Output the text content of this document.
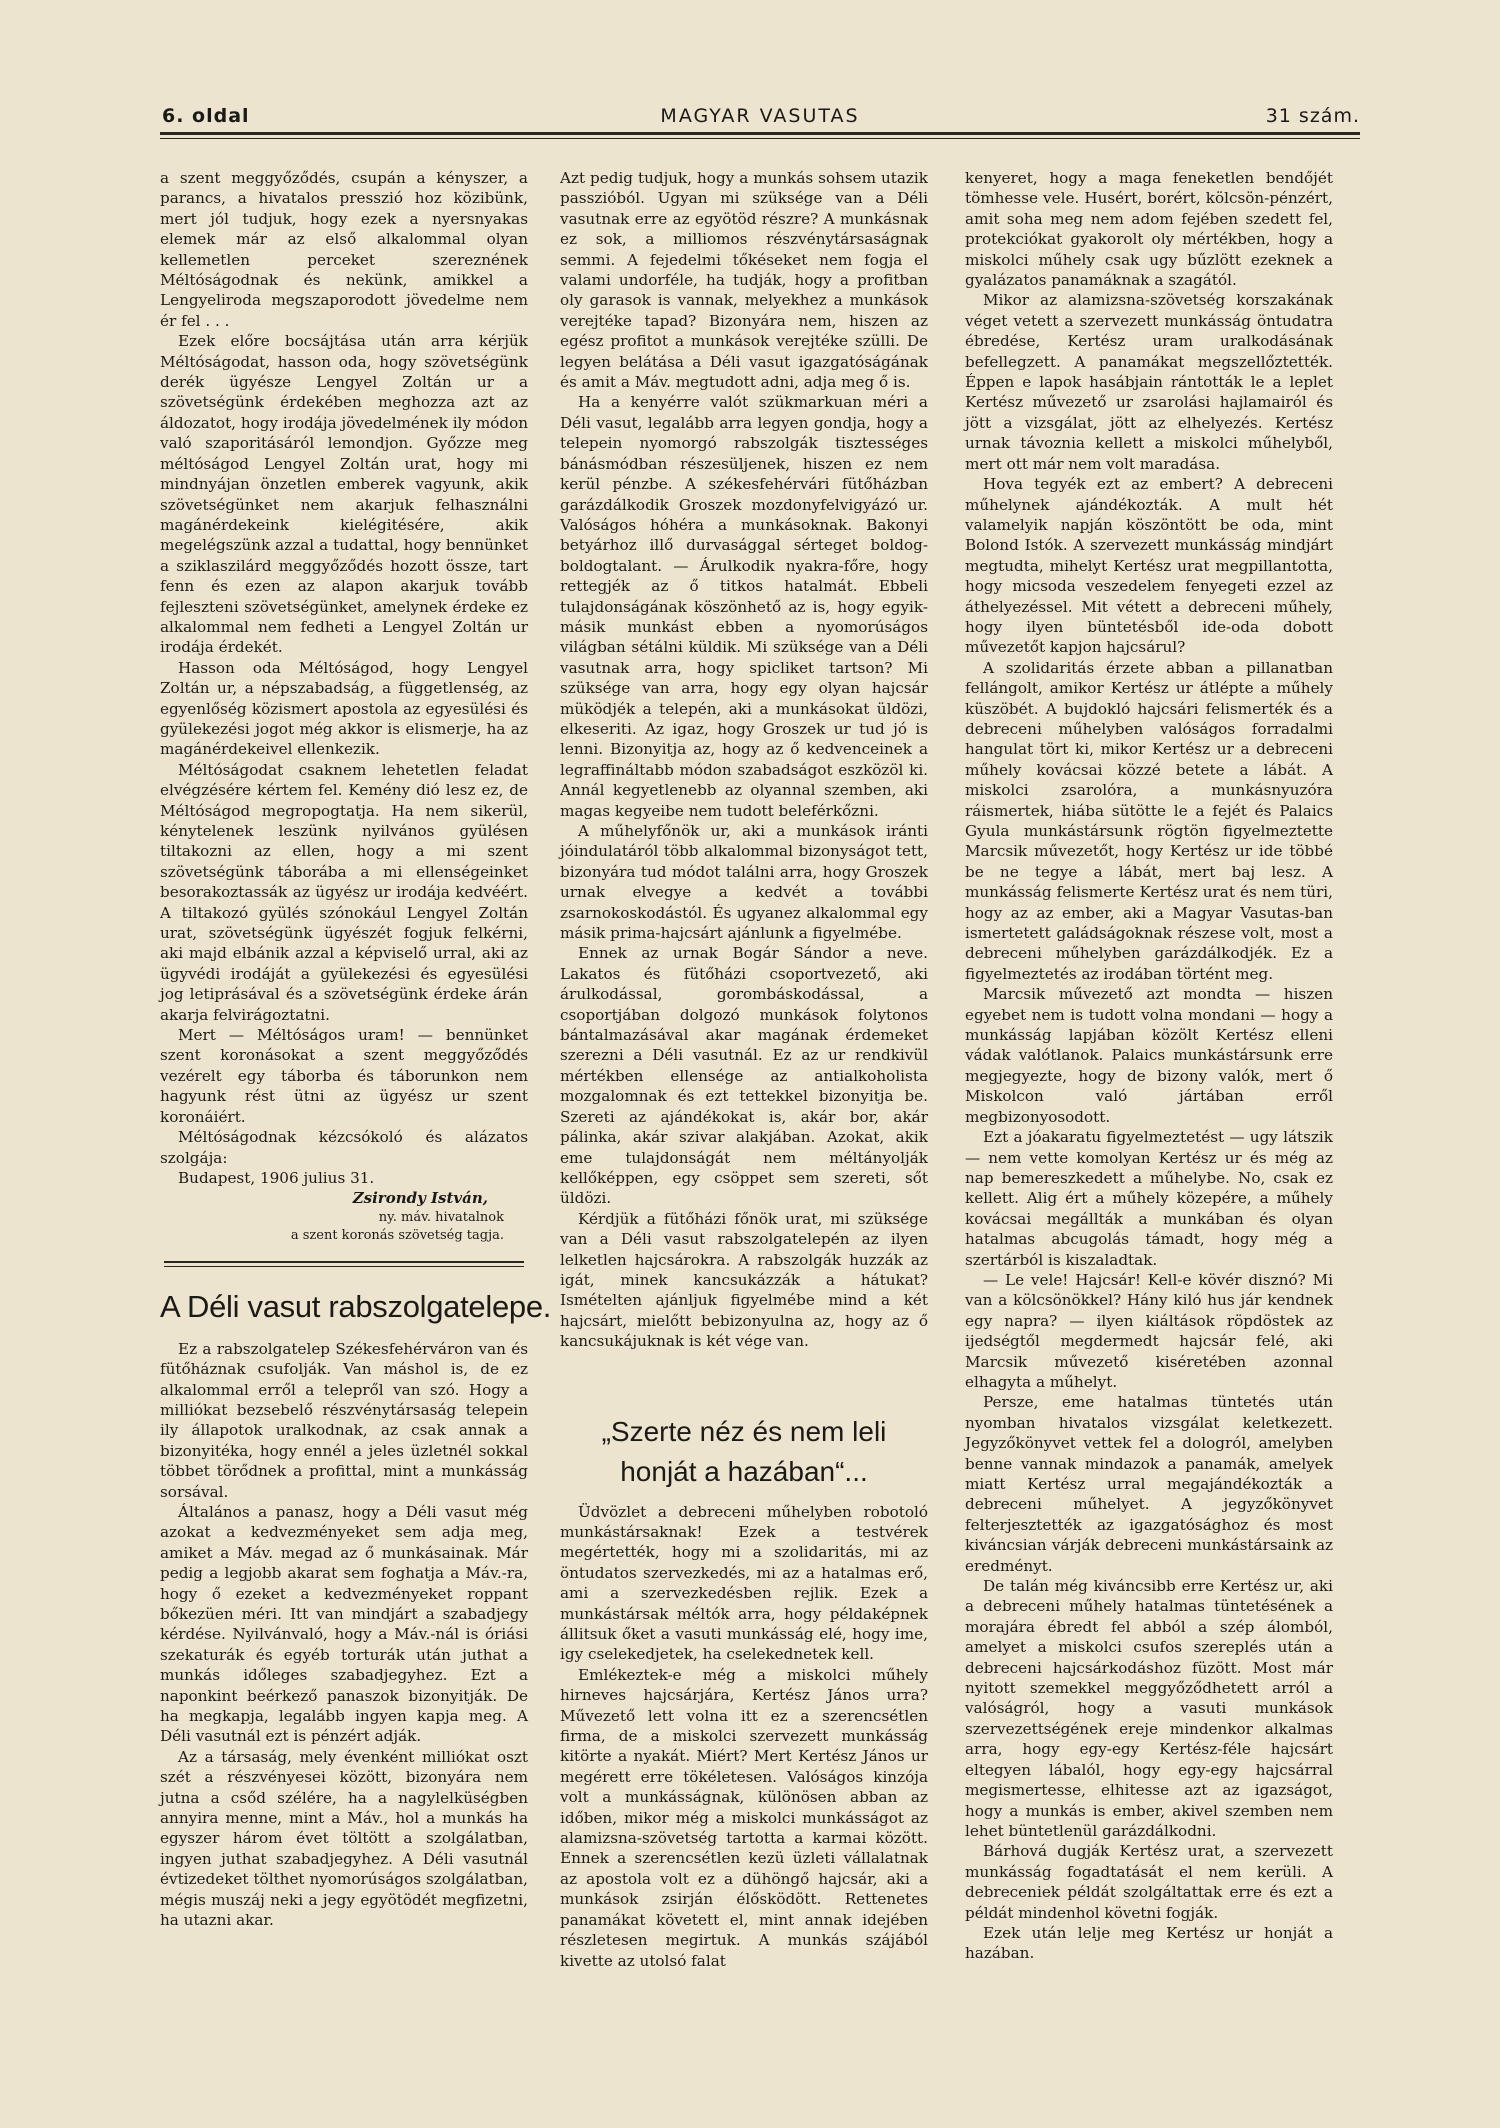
6. oldal	MAGYAR VASUTAS	31 szám.

a szent meggyőződés, csupán a kényszer, a parancs, a hivatalos presszió hoz közibünk, mert jól tudjuk, hogy ezek a nyersnyakas elemek már az első alkalommal olyan kellemetlen perceket szereznének Méltóságodnak és nekünk, amikkel a Lengyeliroda megszaporodott jövedelme nem ér fel . . .

Ezek előre bocsájtása után arra kérjük Méltóságodat, hasson oda, hogy szövetségünk derék ügyésze Lengyel Zoltán ur a szövetségünk érdekében meghozza azt az áldozatot, hogy irodája jövedelmének ily módon való szaporitásáról lemondjon. Győzze meg méltóságod Lengyel Zoltán urat, hogy mi mindnyájan önzetlen emberek vagyunk, akik szövetségünket nem akarjuk felhasználni magánérdekeink kielégitésére, akik megelégszünk azzal a tudattal, hogy bennünket a sziklaszilárd meggyőződés hozott össze, tart fenn és ezen az alapon akarjuk tovább fejleszteni szövetségünket, amelynek érdeke ez alkalommal nem fedheti a Lengyel Zoltán ur irodája érdekét.

Hasson oda Méltóságod, hogy Lengyel Zoltán ur, a népszabadság, a függetlenség, az egyenlőség közismert apostola az egyesülési és gyülekezési jogot még akkor is elismerje, ha az magánérdekeivel ellenkezik.

Méltóságodat csaknem lehetetlen feladat elvégzésére kértem fel. Kemény dió lesz ez, de Méltóságod megropogtatja. Ha nem sikerül, kénytelenek leszünk nyilvános gyülésen tiltakozni az ellen, hogy a mi szent szövetségünk táborába a mi ellenségeinket besorakoztassák az ügyész ur irodája kedvéért. A tiltakozó gyülés szónokául Lengyel Zoltán urat, szövetségünk ügyészét fogjuk felkérni, aki majd elbánik azzal a képviselő urral, aki az ügyvédi irodáját a gyülekezési és egyesülési jog letiprásával és a szövetségünk érdeke árán akarja felvirágoztatni.

Mert — Méltóságos uram! — bennünket szent koronásokat a szent meggyőződés vezérelt egy táborba és táborunkon nem hagyunk rést ütni az ügyész ur szent koronáiért.

Méltóságodnak kézcsókoló és alázatos szolgája:

Budapest, 1906 julius 31.

Zsirondy István,
ny. máv. hivatalnok
a szent koronás szövetség tagja.
A Déli vasut rabszolgatelepe.

Ez a rabszolgatelep Székesfehérváron van és fütőháznak csufolják. Van máshol is, de ez alkalommal erről a telepről van szó. Hogy a milliókat bezsebelő részvénytársaság telepein ily állapotok uralkodnak, az csak annak a bizonyitéka, hogy ennél a jeles üzletnél sokkal többet törődnek a profittal, mint a munkásság sorsával.

Általános a panasz, hogy a Déli vasut még azokat a kedvezményeket sem adja meg, amiket a Máv. megad az ő munkásainak. Már pedig a legjobb akarat sem foghatja a Máv.-ra, hogy ő ezeket a kedvezményeket roppant bőkezüen méri. Itt van mindjárt a szabadjegy kérdése. Nyilvánvaló, hogy a Máv.-nál is óriási szekaturák és egyéb torturák után juthat a munkás időleges szabadjegyhez. Ezt a naponkint beérkező panaszok bizonyitják. De ha megkapja, legalább ingyen kapja meg. A Déli vasutnál ezt is pénzért adják.

Az a társaság, mely évenként milliókat oszt szét a részvényesei között, bizonyára nem jutna a csőd szélére, ha a nagylelküségben annyira menne, mint a Máv., hol a munkás ha egyszer három évet töltött a szolgálatban, ingyen juthat szabadjegyhez. A Déli vasutnál évtizedeket tölthet nyomorúságos szolgálatban, mégis muszáj neki a jegy egyötödét megfizetni, ha utazni akar.

Azt pedig tudjuk, hogy a munkás sohsem utazik passzióból. Ugyan mi szüksége van a Déli vasutnak erre az egyötöd részre? A munkásnak ez sok, a milliomos részvénytársaságnak semmi. A fejedelmi tőkéseket nem fogja el valami undorféle, ha tudják, hogy a profitban oly garasok is vannak, melyekhez a munkások verejtéke tapad? Bizonyára nem, hiszen az egész profitot a munkások verejtéke szülli. De legyen belátása a Déli vasut igazgatóságának és amit a Máv. megtudott adni, adja meg ő is.

Ha a kenyérre valót szükmarkuan méri a Déli vasut, legalább arra legyen gondja, hogy a telepein nyomorgó rabszolgák tisztességes bánásmódban részesüljenek, hiszen ez nem kerül pénzbe. A székesfehérvári fütőházban garázdálkodik Groszek mozdonyfelvigyázó ur. Valóságos hóhéra a munkásoknak. Bakonyi betyárhoz illő durvasággal sérteget boldog-boldogtalant. — Árulkodik nyakra-főre, hogy rettegjék az ő titkos hatalmát. Ebbeli tulajdonságának köszönhető az is, hogy egyik-másik munkást ebben a nyomorúságos világban sétálni küldik. Mi szüksége van a Déli vasutnak arra, hogy spicliket tartson? Mi szüksége van arra, hogy egy olyan hajcsár müködjék a telepén, aki a munkásokat üldözi, elkeseriti. Az igaz, hogy Groszek ur tud jó is lenni. Bizonyitja az, hogy az ő kedvenceinek a legraffináltabb módon szabadságot eszközöl ki. Annál kegyetlenebb az olyannal szemben, aki magas kegyeibe nem tudott beleférkőzni.

A műhelyfőnök ur, aki a munkások iránti jóindulatáról több alkalommal bizonyságot tett, bizonyára tud módot találni arra, hogy Groszek urnak elvegye a kedvét a további zsarnokoskodástól. És ugyanez alkalommal egy másik prima-hajcsárt ajánlunk a figyelmébe.

Ennek az urnak Bogár Sándor a neve. Lakatos és fütőházi csoportvezető, aki árulkodással, gorombáskodással, a csoportjában dolgozó munkások folytonos bántalmazásával akar magának érdemeket szerezni a Déli vasutnál. Ez az ur rendkivül mértékben ellensége az antialkoholista mozgalomnak és ezt tettekkel bizonyitja be. Szereti az ajándékokat is, akár bor, akár pálinka, akár szivar alakjában. Azokat, akik eme tulajdonságát nem méltányolják kellőképpen, egy csöppet sem szereti, sőt üldözi.

Kérdjük a fütőházi főnök urat, mi szüksége van a Déli vasut rabszolgatelepén az ilyen lelketlen hajcsárokra. A rabszolgák huzzák az igát, minek kancsukázzák a hátukat? Ismételten ajánljuk figyelmébe mind a két hajcsárt, mielőtt bebizonyulna az, hogy az ő kancsukájuknak is két vége van.

„Szerte néz és nem leli honját a hazában“...

Üdvözlet a debreceni műhelyben robotoló munkástársaknak! Ezek a testvérek megértették, hogy mi a szolidaritás, mi az öntudatos szervezkedés, mi az a hatalmas erő, ami a szervezkedésben rejlik. Ezek a munkástársak méltók arra, hogy példaképnek állitsuk őket a vasuti munkásság elé, hogy ime, igy cselekedjetek, ha cselekednetek kell.

Emlékeztek-e még a miskolci műhely hirneves hajcsárjára, Kertész János urra? Művezető lett volna itt ez a szerencsétlen firma, de a miskolci szervezett munkásság kitörte a nyakát. Miért? Mert Kertész János ur megérett erre tökéletesen. Valóságos kinzója volt a munkásságnak, különösen abban az időben, mikor még a miskolci munkásságot az alamizsna-szövetség tartotta a karmai között. Ennek a szerencsétlen kezü üzleti vállalatnak az apostola volt ez a dühöngő hajcsár, aki a munkások zsirján élősködött. Rettenetes panamákat követett el, mint annak idejében részletesen megirtuk. A munkás szájából kivette az utolsó falat

kenyeret, hogy a maga feneketlen bendőjét tömhesse vele. Husért, borért, kölcsön-pénzért, amit soha meg nem adom fejében szedett fel, protekciókat gyakorolt oly mértékben, hogy a miskolci műhely csak ugy bűzlött ezeknek a gyalázatos panamáknak a szagától.

Mikor az alamizsna-szövetség korszakának véget vetett a szervezett munkásság öntudatra ébredése, Kertész uram uralkodásának befellegzett. A panamákat megszellőztették. Éppen e lapok hasábjain rántották le a leplet Kertész művezető ur zsarolási hajlamairól és jött a vizsgálat, jött az elhelyezés. Kertész urnak távoznia kellett a miskolci műhelyből, mert ott már nem volt maradása.

Hova tegyék ezt az embert? A debreceni műhelynek ajándékozták. A mult hét valamelyik napján köszöntött be oda, mint Bolond Istók. A szervezett munkásság mindjárt megtudta, mihelyt Kertész urat megpillantotta, hogy micsoda veszedelem fenyegeti ezzel az áthelyezéssel. Mit vétett a debreceni műhely, hogy ilyen büntetésből ide-oda dobott művezetőt kapjon hajcsárul?

A szolidaritás érzete abban a pillanatban fellángolt, amikor Kertész ur átlépte a műhely küszöbét. A bujdokló hajcsári felismerték és a debreceni műhelyben valóságos forradalmi hangulat tört ki, mikor Kertész ur a debreceni műhely kovácsai közzé betete a lábát. A miskolci zsarolóra, a munkásnyuzóra ráismertek, hiába sütötte le a fejét és Palaics Gyula munkástársunk rögtön figyelmeztette Marcsik művezetőt, hogy Kertész ur ide többé be ne tegye a lábát, mert baj lesz. A munkásság felismerte Kertész urat és nem türi, hogy az az ember, aki a Magyar Vasutas-ban ismertetett galádságoknak részese volt, most a debreceni műhelyben garázdálkodjék. Ez a figyelmeztetés az irodában történt meg.

Marcsik művezető azt mondta — hiszen egyebet nem is tudott volna mondani — hogy a munkásság lapjában közölt Kertész elleni vádak valótlanok. Palaics munkástársunk erre megjegyezte, hogy de bizony valók, mert ő Miskolcon való jártában erről megbizonyosodott.

Ezt a jóakaratu figyelmeztetést — ugy látszik — nem vette komolyan Kertész ur és még az nap bemereszkedett a műhelybe. No, csak ez kellett. Alig ért a műhely közepére, a műhely kovácsai megállták a munkában és olyan hatalmas abcugolás támadt, hogy még a szertárból is kiszaladtak.

— Le vele! Hajcsár! Kell-e kövér disznó? Mi van a kölcsönökkel? Hány kiló hus jár kendnek egy napra? — ilyen kiáltások röpdöstek az ijedségtől megdermedt hajcsár felé, aki Marcsik művezető kiséretében azonnal elhagyta a műhelyt.

Persze, eme hatalmas tüntetés után nyomban hivatalos vizsgálat keletkezett. Jegyzőkönyvet vettek fel a dologról, amelyben benne vannak mindazok a panamák, amelyek miatt Kertész urral megajándékozták a debreceni műhelyet. A jegyzőkönyvet felterjesztették az igazgatósághoz és most kiváncsian várják debreceni munkástársaink az eredményt.

De talán még kiváncsibb erre Kertész ur, aki a debreceni műhely hatalmas tüntetésének a morajára ébredt fel abból a szép álomból, amelyet a miskolci csufos szereplés után a debreceni hajcsárkodáshoz füzött. Most már nyitott szemekkel meggyőződhetett arról a valóságról, hogy a vasuti munkások szervezettségének ereje mindenkor alkalmas arra, hogy egy-egy Kertész-féle hajcsárt eltegyen lábalól, hogy egy-egy hajcsárral megismertesse, elhitesse azt az igazságot, hogy a munkás is ember, akivel szemben nem lehet büntetlenül garázdálkodni.

Bárhová dugják Kertész urat, a szervezett munkásság fogadtatását el nem kerüli. A debreceniek példát szolgáltattak erre és ezt a példát mindenhol követni fogják.

Ezek után lelje meg Kertész ur honját a hazában.
